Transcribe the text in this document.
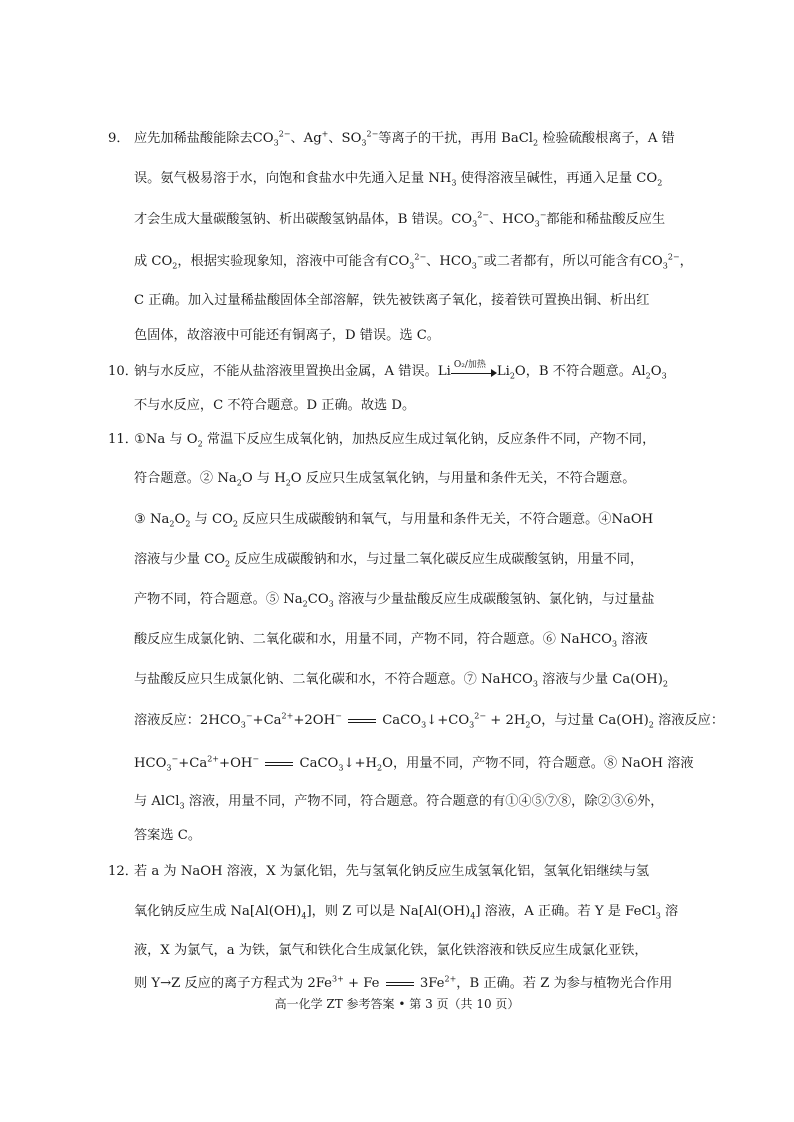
9． 应先加稀盐酸能除去$CO_3^{2-}$、Ag+、$SO_3^{2-}$等离子的干扰，再用 BaCl$_2$ 检验硫酸根离子，A 错
误。氨气极易溶于水，向饱和食盐水中先通入足量 $NH_3$ 使得溶液呈碱性，再通入足量 $CO_2$
才会生成大量碳酸氢钠、析出碳酸氢钠晶体，B 错误。$CO_3^{2-}$、$HCO_3^-$都能和稀盐酸反应生
成 $CO_2$，根据实验现象知，溶液中可能含有$CO_3^{2-}$、$HCO_3^-$或二者都有，所以可能含有$CO_3^{2-}$，
C 正确。加入过量稀盐酸固体全部溶解，铁先被铁离子氧化，接着铁可置换出铜、析出红
色固体，故溶液中可能还有铜离子，D 错误。选 C。
10．
钠与水反应，不能从盐溶液里置换出金属，A 错误。Li O₂/加热 $Li_2O$，B 不符合题意。$Al_2O_3$
不与水反应，C 不符合题意。D 正确。故选 D。
11．
①Na 与 $O_2$ 常温下反应生成氧化钠，加热反应生成过氧化钠，反应条件不同，产物不同，
符合题意。② $Na_2O$ 与 $H_2O$ 反应只生成氢氧化钠，与用量和条件无关，不符合题意。
③ $Na_2O_2$ 与 $CO_2$ 反应只生成碳酸钠和氧气，与用量和条件无关，不符合题意。④NaOH
溶液与少量 $CO_2$ 反应生成碳酸钠和水，与过量二氧化碳反应生成碳酸氢钠，用量不同，
产物不同，符合题意。⑤ $Na_2CO_3$ 溶液与少量盐酸反应生成碳酸氢钠、氯化钠，与过量盐
酸反应生成氯化钠、二氧化碳和水，用量不同，产物不同，符合题意。⑥ NaHCO$_3$ 溶液
与盐酸反应只生成氯化钠、二氧化碳和水，不符合题意。⑦ NaHCO$_3$ 溶液与少量 $Ca(OH)_2$
溶液反应：$2HCO_3^-+Ca^{2+}+2OH^-$	$CaCO_3↓+CO_3^{2-} + 2H_2O$，与过量 $Ca(OH)_2$ 溶液反应：
$HCO_3^-+Ca^{2+}+OH^-$	$CaCO_3↓+H_2O$，用量不同，产物不同，符合题意。⑧ NaOH 溶液
与 AlCl$_3$ 溶液，用量不同，产物不同，符合题意。符合题意的有①④⑤⑦⑧，除②③⑥外，
答案选 C。
12．
若 a 为 NaOH 溶液，X 为氯化铝，先与氢氧化钠反应生成氢氧化铝，氢氧化铝继续与氢
氧化钠反应生成 $Na[Al(OH)_4]$，则 Z 可以是 $Na[Al(OH)_4]$ 溶液，A 正确。若 Y 是 FeCl$_3$ 溶
液，X 为氯气，a 为铁，氯气和铁化合生成氯化铁，氯化铁溶液和铁反应生成氯化亚铁，
则 Y→Z 反应的离子方程式为 $2Fe^{3+} + Fe$  $3Fe^{2+}$，B 正确。若 Z 为参与植物光合作用
高一化学 ZT 参考答案 • 第 3 页（共 10 页）
